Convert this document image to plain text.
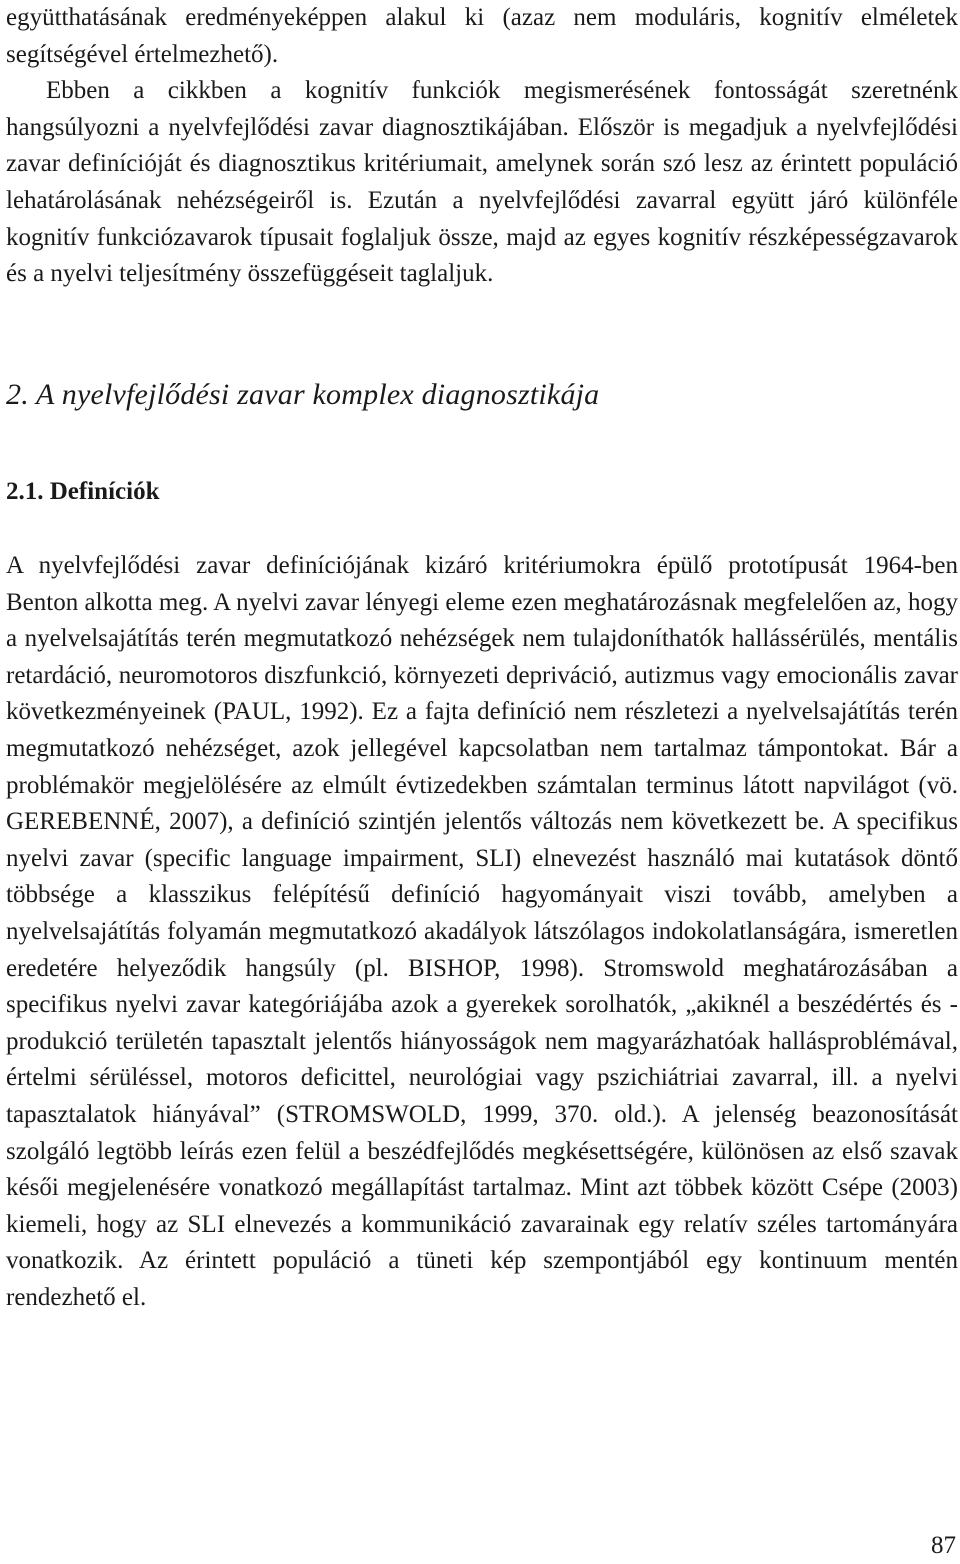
együtthatásának eredményeképpen alakul ki (azaz nem moduláris, kognitív elméletek segítségével értelmezhető).
Ebben a cikkben a kognitív funkciók megismerésének fontosságát szeretnénk hangsúlyozni a nyelvfejlődési zavar diagnosztikájában. Először is megadjuk a nyelvfejlődési zavar definícióját és diagnosztikus kritériumait, amelynek során szó lesz az érintett populáció lehatárolásának nehézségeiről is. Ezután a nyelvfejlődési zavarral együtt járó különféle kognitív funkciózavarok típusait foglaljuk össze, majd az egyes kognitív részképességzavarok és a nyelvi teljesítmény összefüggéseit taglaljuk.

2. A nyelvfejlődési zavar komplex diagnosztikája
2.1. Definíciók

A nyelvfejlődési zavar definíciójának kizáró kritériumokra épülő prototípusát 1964-ben Benton alkotta meg. A nyelvi zavar lényegi eleme ezen meghatározásnak megfelelően az, hogy a nyelvelsajátítás terén megmutatkozó nehézségek nem tulajdoníthatók hallássérülés, mentális retardáció, neuromotoros diszfunkció, környezeti depriváció, autizmus vagy emocionális zavar következményeinek (PAUL, 1992). Ez a fajta definíció nem részletezi a nyelvelsajátítás terén megmutatkozó nehézséget, azok jellegével kapcsolatban nem tartalmaz támpontokat. Bár a problémakör megjelölésére az elmúlt évtizedekben számtalan terminus látott napvilágot (vö. GEREBENNÉ, 2007), a definíció szintjén jelentős változás nem következett be. A specifikus nyelvi zavar (specific language impairment, SLI) elnevezést használó mai kutatások döntő többsége a klasszikus felépítésű definíció hagyományait viszi tovább, amelyben a nyelvelsajátítás folyamán megmutatkozó akadályok látszólagos indokolatlanságára, ismeretlen eredetére helyeződik hangsúly (pl. BISHOP, 1998). Stromswold meghatározásában a specifikus nyelvi zavar kategóriájába azok a gyerekek sorolhatók, „akiknél a beszédértés és -produkció területén tapasztalt jelentős hiányosságok nem magyarázhatóak hallásproblémával, értelmi sérüléssel, motoros deficittel, neurológiai vagy pszichiátriai zavarral, ill. a nyelvi tapasztalatok hiányával” (STROMSWOLD, 1999, 370. old.). A jelenség beazonosítását szolgáló legtöbb leírás ezen felül a beszédfejlődés megkésettségére, különösen az első szavak késői megjelenésére vonatkozó megállapítást tartalmaz. Mint azt többek között Csépe (2003) kiemeli, hogy az SLI elnevezés a kommunikáció zavarainak egy relatív széles tartományára vonatkozik. Az érintett populáció a tüneti kép szempontjából egy kontinuum mentén rendezhető el.

87
